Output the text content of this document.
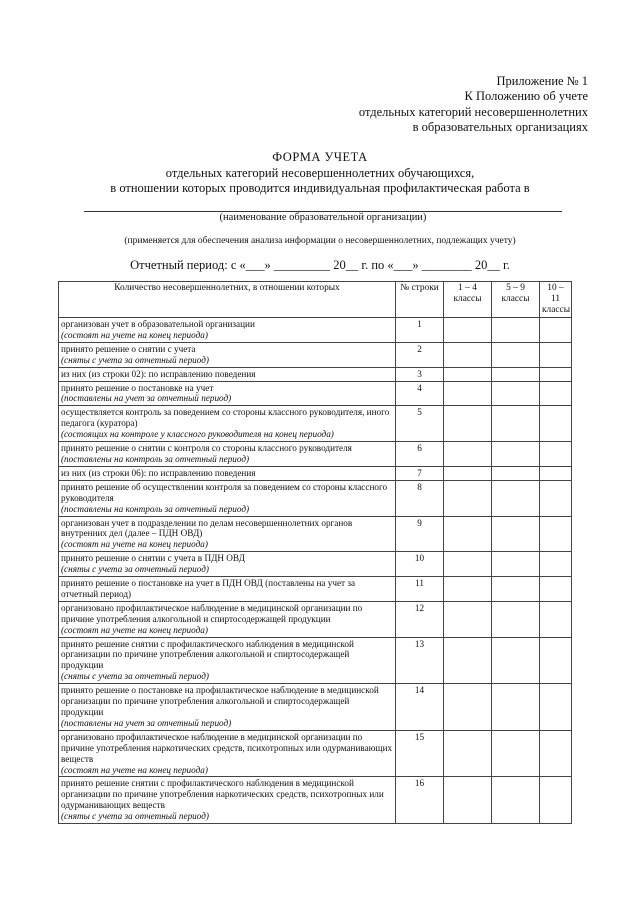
Приложение № 1
К Положению об учете
отдельных категорий несовершеннолетних
в образовательных организациях
ФОРМА УЧЕТА
отдельных категорий несовершеннолетних обучающихся,
в отношении которых проводится индивидуальная профилактическая работа в
(наименование образовательной организации)
(применяется для обеспечения анализа информации о несовершеннолетних, подлежащих учету)
Отчетный период: с «___» _________ 20__ г. по «___» ________ 20__ г.
Количество несовершеннолетних, в отношении которых	№ строки	1 – 4 классы	5 – 9 классы	10 – 11 классы

организован учет в образовательной организации
(состоят на учете на конец периода)	1			

принято решение о снятии с учета
(сняты с учета за отчетный период)	2			

из них (из строки 02): по исправлению поведения	3			

принято решение о постановке на учет
(поставлены на учет за отчетный период)	4			

осуществляется контроль за поведением со стороны классного руководителя, иного педагога (куратора)
(состоящих на контроле у классного руководителя на конец периода)	5			

принято решение о снятии с контроля со стороны классного руководителя
(поставлены на контроль за отчетный период)	6			

из них (из строки 06): по исправлению поведения	7			

принято решение об осуществлении контроля за поведением со стороны классного руководителя
(поставлены на контроль за отчетный период)	8			

организован учет в подразделении по делам несовершеннолетних органов внутренних дел (далее – ПДН ОВД)
(состоят на учете на конец периода)	9			

принято решение о снятии с учета в ПДН ОВД
(сняты с учета за отчетный период)	10			

принято решение о постановке на учет в ПДН ОВД (поставлены на учет за отчетный период)	11			

организовано профилактическое наблюдение в медицинской организации по причине употребления алкогольной и спиртосодержащей продукции
(состоят на учете на конец периода)	12			

принято решение снятии с профилактического наблюдения в медицинской организации по причине употребления алкогольной и спиртосодержащей продукции
(сняты с учета за отчетный период)	13			

принято решение о постановке на профилактическое наблюдение в медицинской организации по причине употребления алкогольной и спиртосодержащей продукции
(поставлены на учет за отчетный период)	14			

организовано профилактическое наблюдение в медицинской организации по причине употребления наркотических средств, психотропных или одурманивающих веществ
(состоят на учете на конец периода)	15			

принято решение снятии с профилактического наблюдения в медицинской организации по причине употребления наркотических средств, психотропных или одурманивающих веществ
(сняты с учета за отчетный период)	16			
